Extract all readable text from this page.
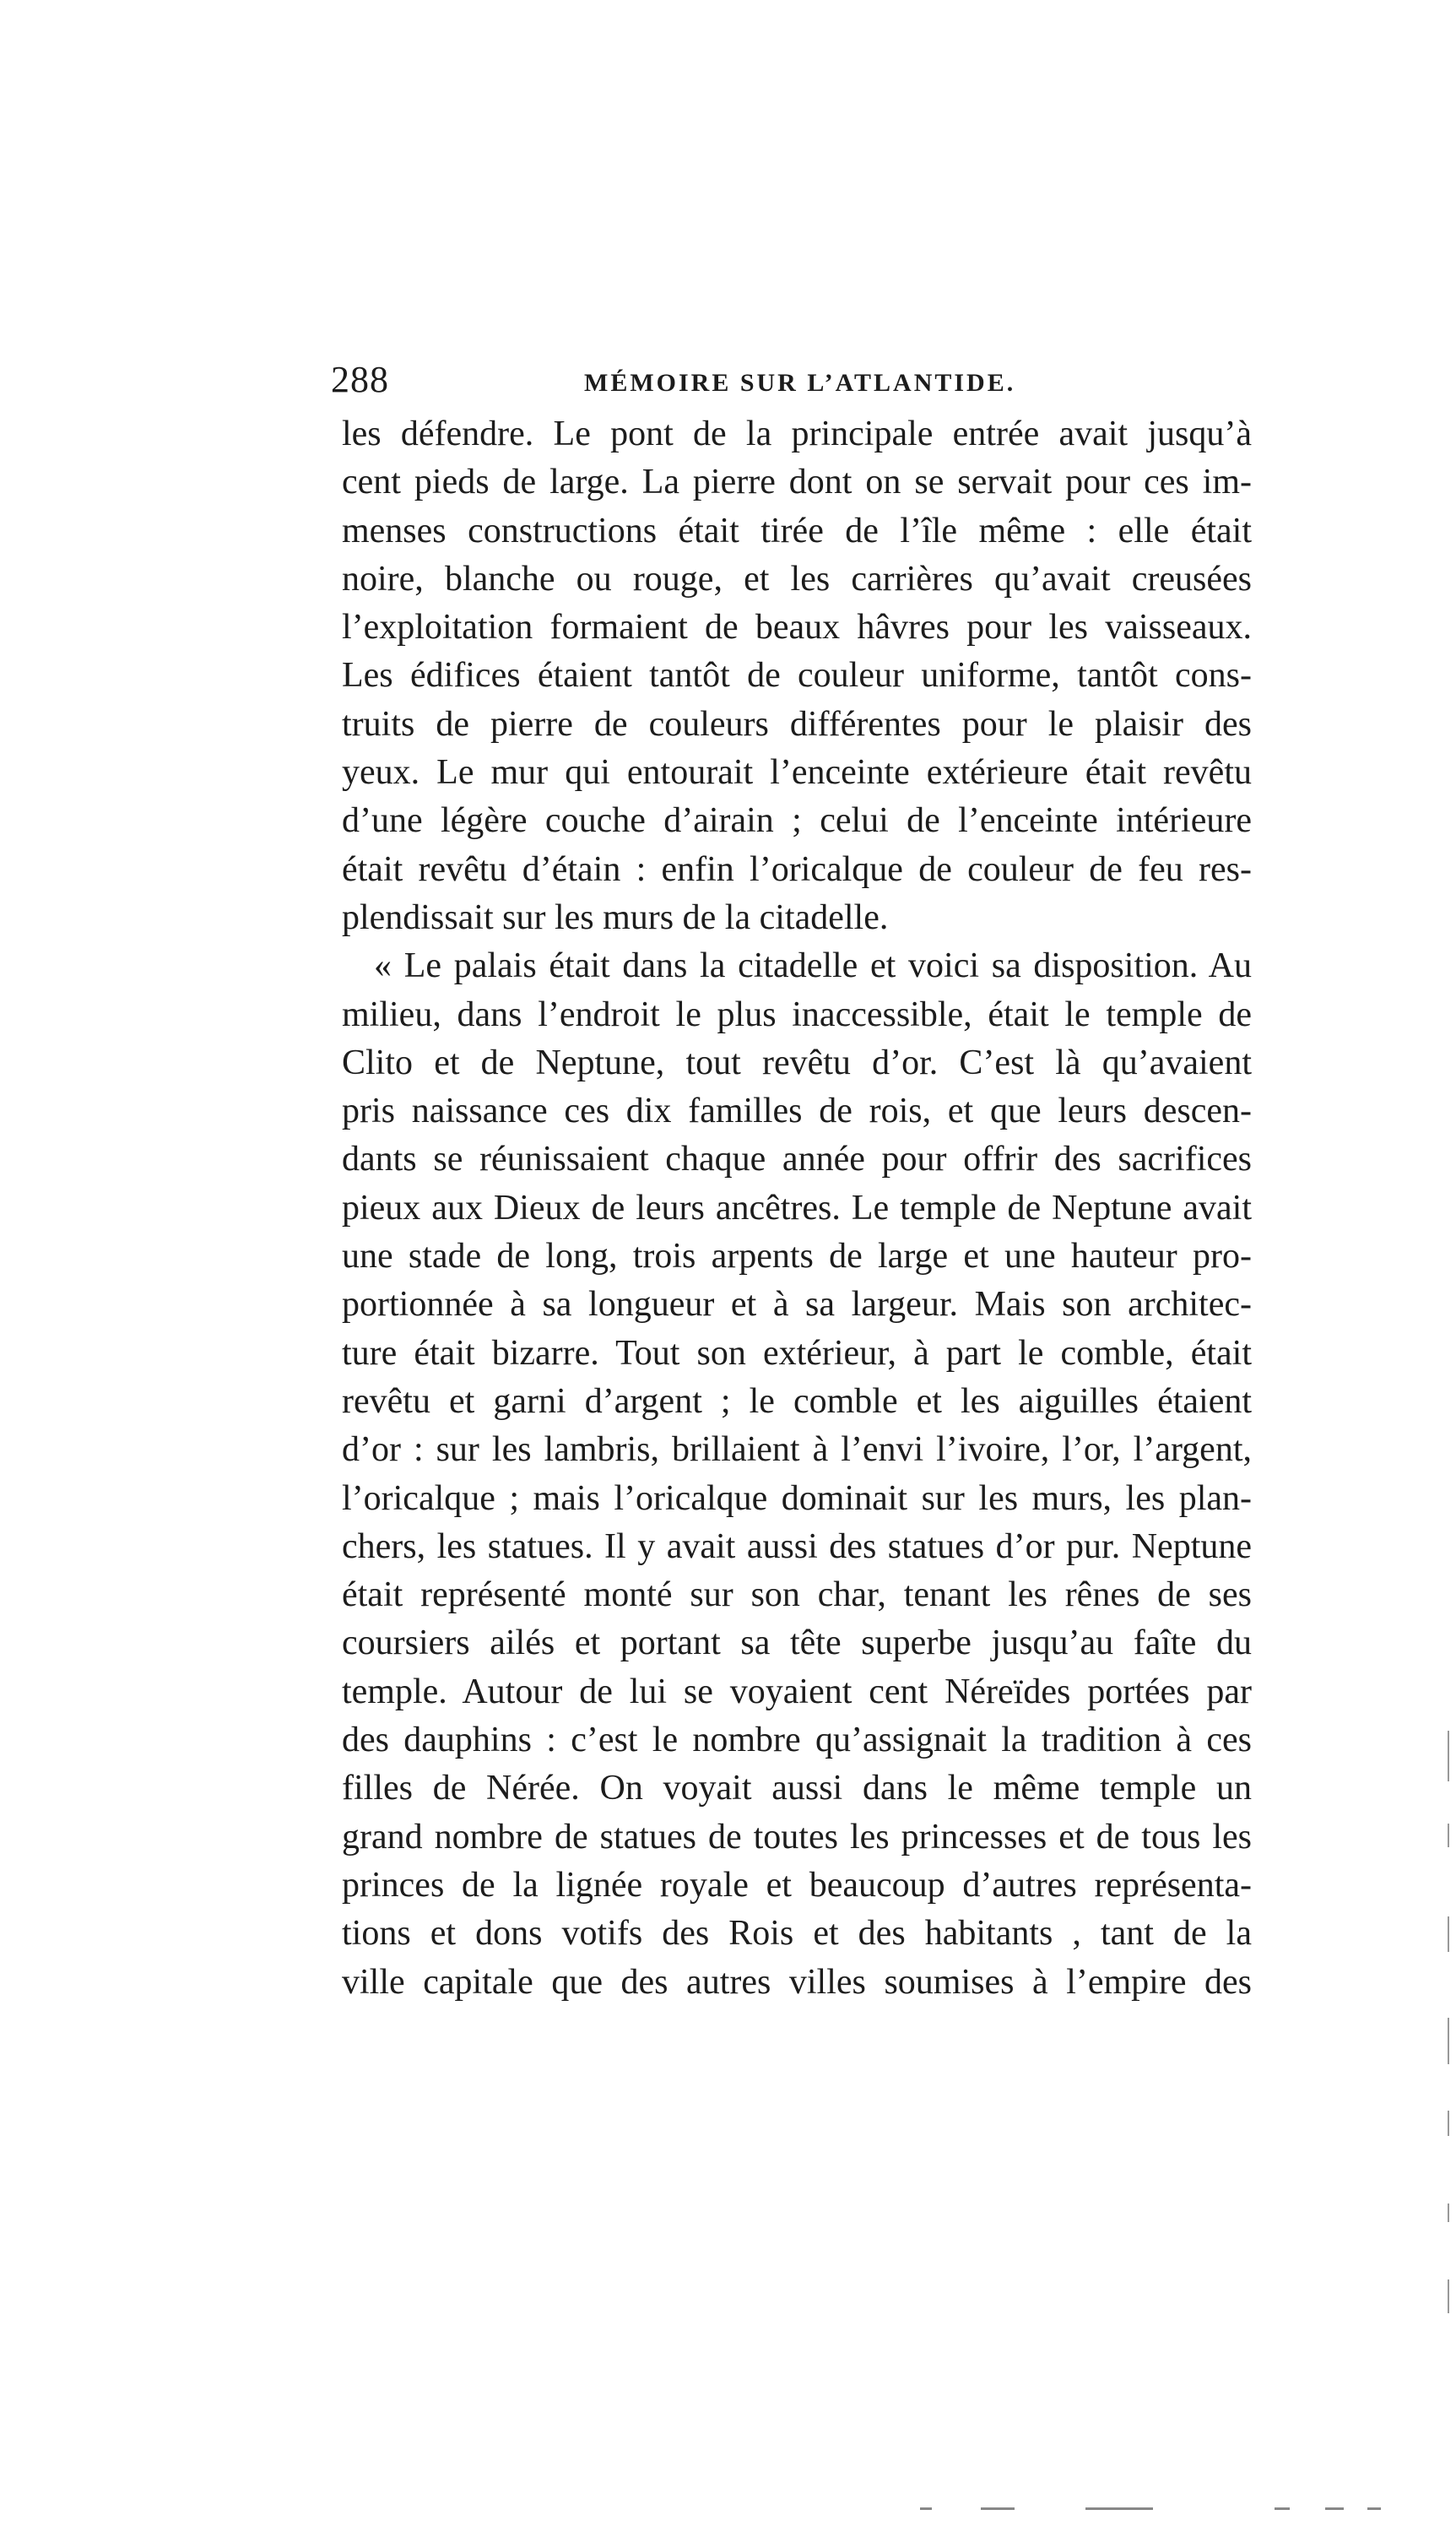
288	MÉMOIRE SUR L’ATLANTIDE.
les défendre. Le pont de la principale entrée avait jusqu’à
cent pieds de large. La pierre dont on se servait pour ces im-
menses constructions était tirée de l’île même : elle était
noire, blanche ou rouge, et les carrières qu’avait creusées
l’exploitation formaient de beaux hâvres pour les vaisseaux.
Les édifices étaient tantôt de couleur uniforme, tantôt cons-
truits de pierre de couleurs différentes pour le plaisir des
yeux. Le mur qui entourait l’enceinte extérieure était revêtu
d’une légère couche d’airain ; celui de l’enceinte intérieure
était revêtu d’étain : enfin l’oricalque de couleur de feu res-
plendissait sur les murs de la citadelle.
« Le palais était dans la citadelle et voici sa disposition. Au
milieu, dans l’endroit le plus inaccessible, était le temple de
Clito et de Neptune, tout revêtu d’or. C’est là qu’avaient
pris naissance ces dix familles de rois, et que leurs descen-
dants se réunissaient chaque année pour offrir des sacrifices
pieux aux Dieux de leurs ancêtres. Le temple de Neptune avait
une stade de long, trois arpents de large et une hauteur pro-
portionnée à sa longueur et à sa largeur. Mais son architec-
ture était bizarre. Tout son extérieur, à part le comble, était
revêtu et garni d’argent ; le comble et les aiguilles étaient
d’or : sur les lambris, brillaient à l’envi l’ivoire, l’or, l’argent,
l’oricalque ; mais l’oricalque dominait sur les murs, les plan-
chers, les statues. Il y avait aussi des statues d’or pur. Neptune
était représenté monté sur son char, tenant les rênes de ses
coursiers ailés et portant sa tête superbe jusqu’au faîte du
temple. Autour de lui se voyaient cent Néreïdes portées par
des dauphins : c’est le nombre qu’assignait la tradition à ces
filles de Nérée. On voyait aussi dans le même temple un
grand nombre de statues de toutes les princesses et de tous les
princes de la lignée royale et beaucoup d’autres représenta-
tions et dons votifs des Rois et des habitants , tant de la
ville capitale que des autres villes soumises à l’empire des
